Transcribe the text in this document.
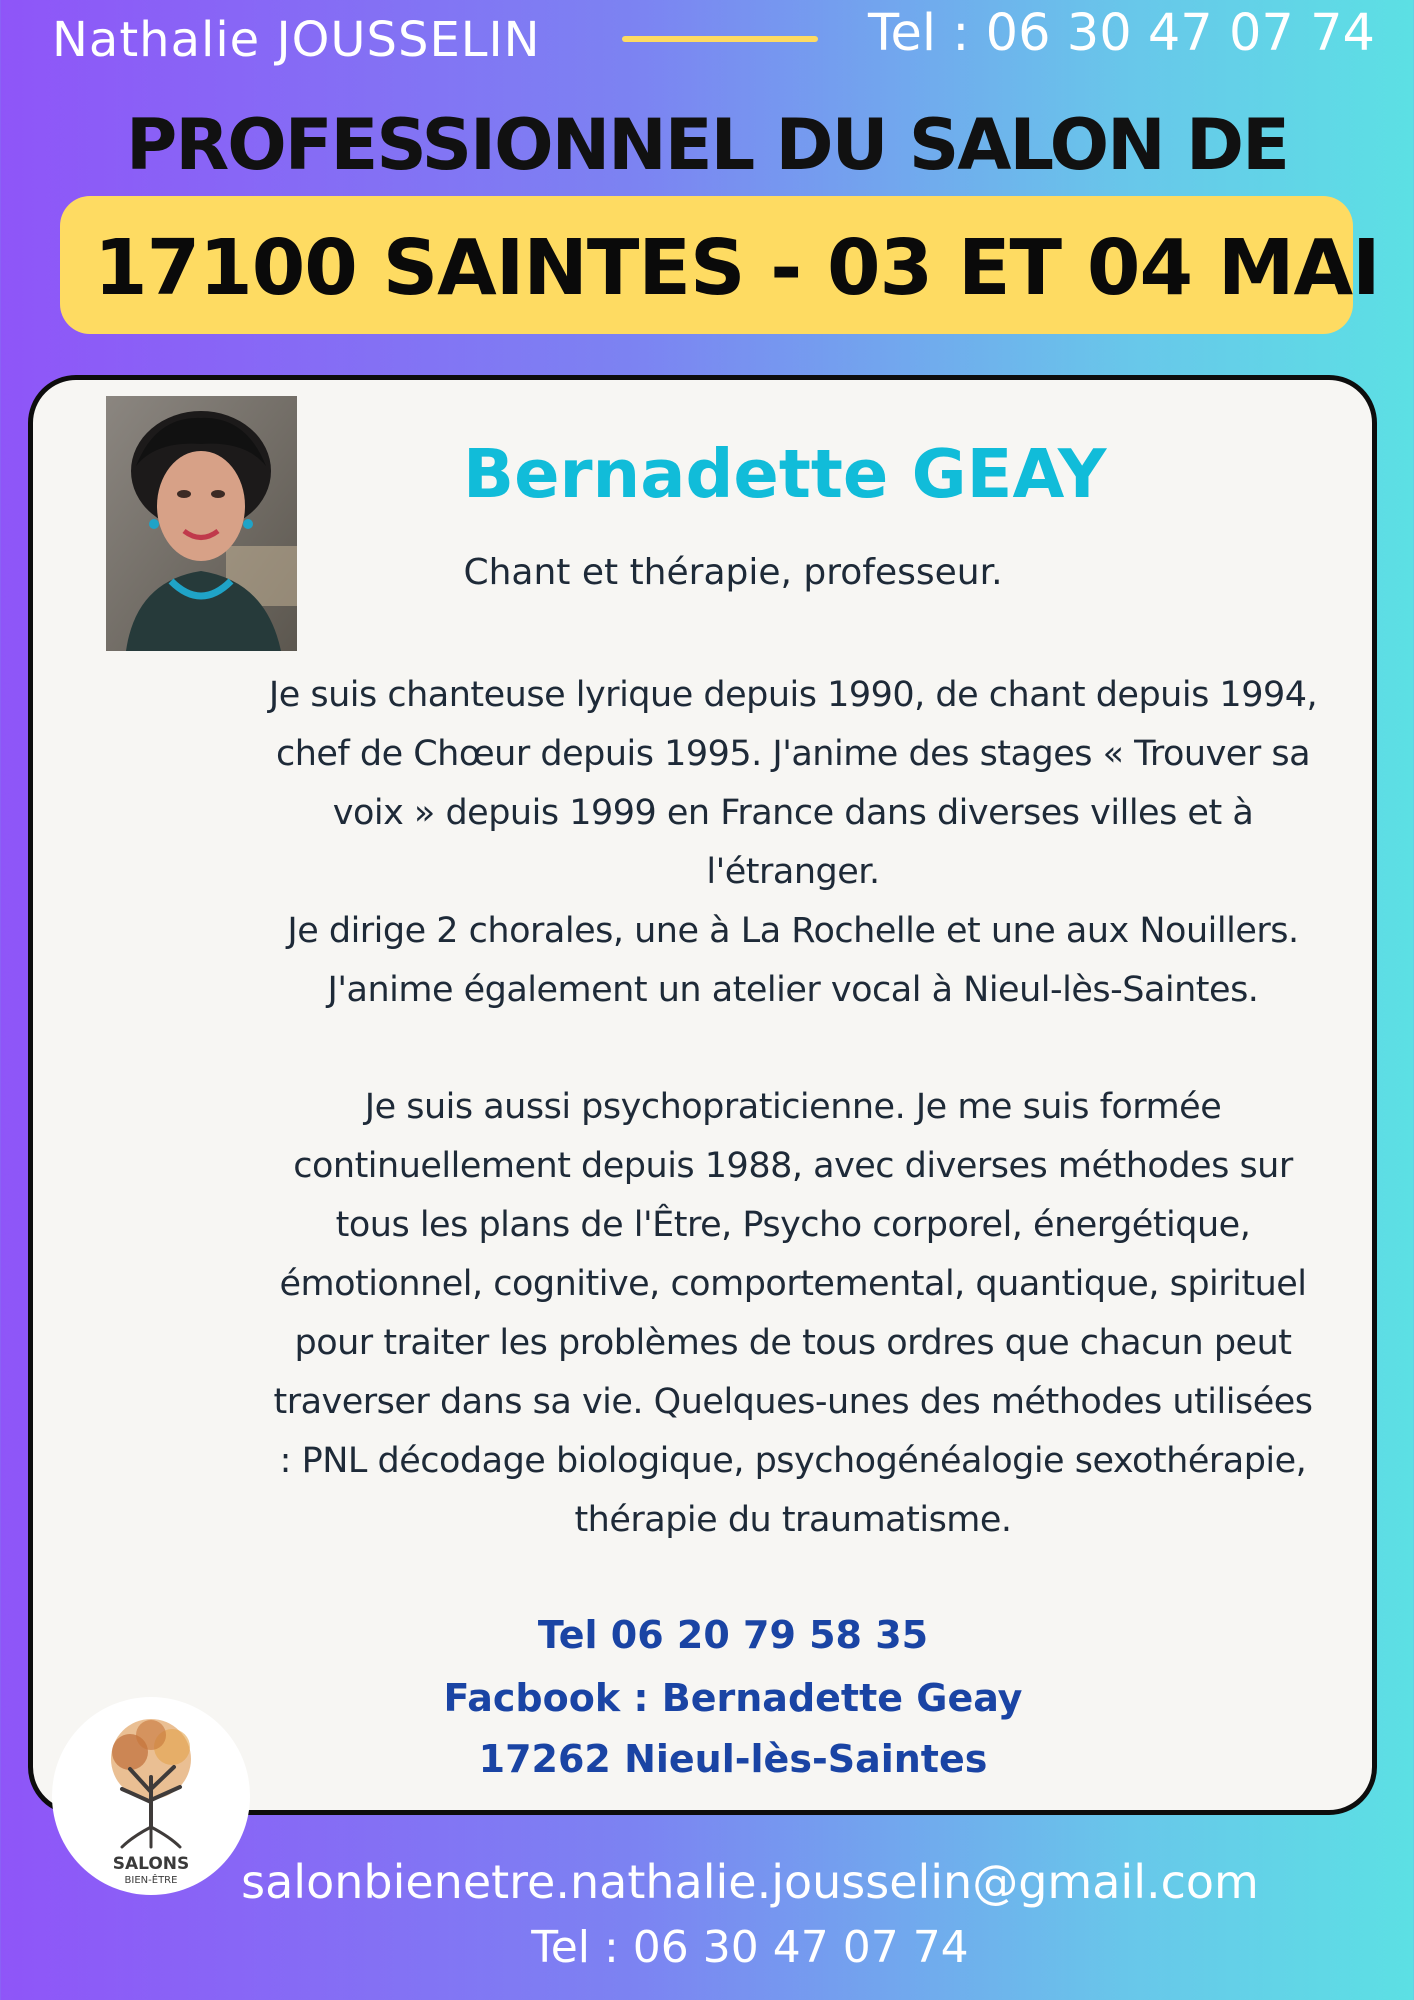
Nathalie JOUSSELIN	Tel : 06 30 47 07 74
PROFESSIONNEL DU SALON DE
17100 SAINTES - 03 ET 04 MAI
Bernadette GEAY
Chant et thérapie, professeur.
Je suis chanteuse lyrique depuis 1990, de chant depuis 1994,
chef de Chœur depuis 1995. J'anime des stages « Trouver sa
voix » depuis 1999 en France dans diverses villes et à
l'étranger.
Je dirige 2 chorales, une à La Rochelle et une aux Nouillers.
J'anime également un atelier vocal à Nieul-lès-Saintes.
Je suis aussi psychopraticienne. Je me suis formée
continuellement depuis 1988, avec diverses méthodes sur
tous les plans de l'Être, Psycho corporel, énergétique,
émotionnel, cognitive, comportemental, quantique, spirituel
pour traiter les problèmes de tous ordres que chacun peut
traverser dans sa vie. Quelques-unes des méthodes utilisées
: PNL décodage biologique, psychogénéalogie sexothérapie,
thérapie du traumatisme.
Tel 06 20 79 58 35
Facbook : Bernadette Geay
17262 Nieul-lès-Saintes
SALONS
BIEN-ÊTRE	salonbienetre.nathalie.jousselin@gmail.com
Tel : 06 30 47 07 74
